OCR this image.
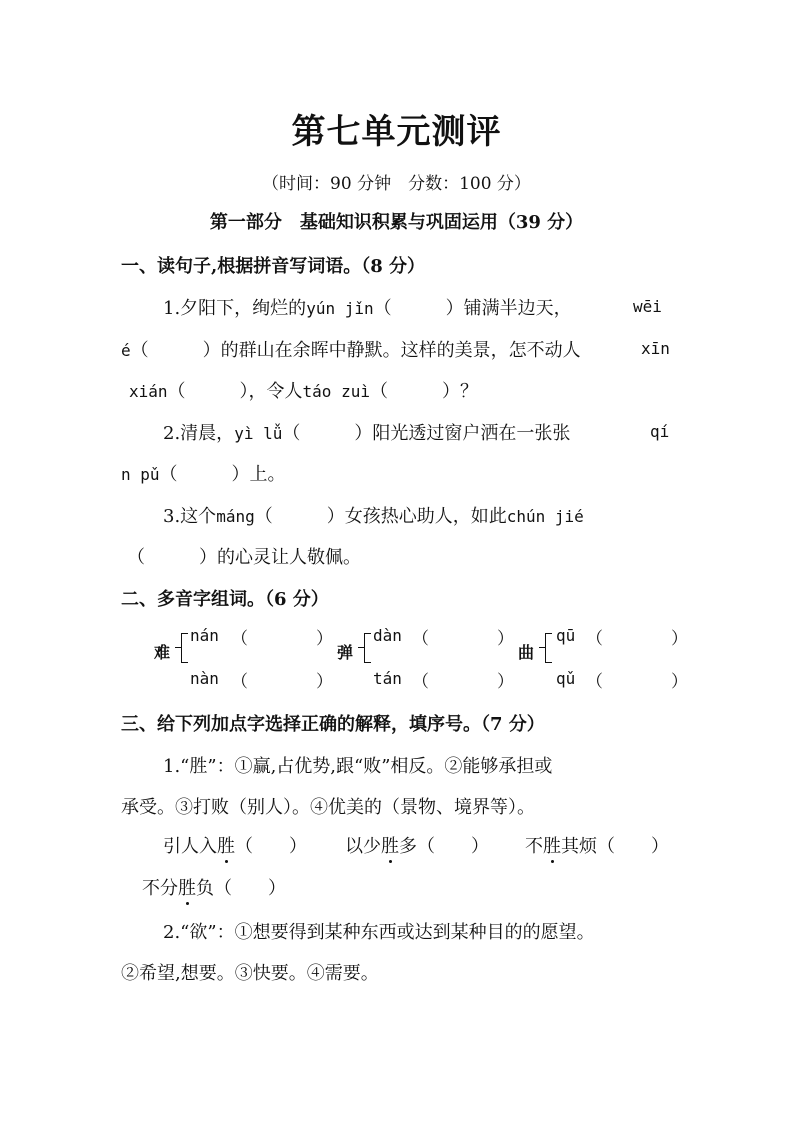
第七单元测评
（时间：90 分钟　分数：100 分）
第一部分　基础知识积累与巩固运用（39 分）
一、读句子,根据拼音写词语。（8 分）
1.夕阳下，绚烂的yún jǐn（　　　）铺满半边天，	wēi
é（　　　）的群山在余晖中静默。这样的美景，怎不动人	xīn
xián（　　　），令人táo zuì（　　　）？
2.清晨，yì lǚ（　　　）阳光透过窗户洒在一张张	qí
n pǔ（　　　）上。
3.这个máng（　　　）女孩热心助人，如此chún jié
（　　　）的心灵让人敬佩。
二、多音字组词。（6 分）
难
nán （　　　　）
nàn （　　　　）
弹
dàn （　　　　）
tán （　　　　）
曲
qū （　　　　）
qǔ （　　　　）
三、给下列加点字选择正确的解释，填序号。（7 分）
1.“胜”：①赢,占优势,跟“败”相反。②能够承担或
承受。③打败（别人）。④优美的（景物、境界等）。
引人入胜（　　） 以少胜多（　　） 不胜其烦（　　）
不分胜负（　　）
2.“欲”：①想要得到某种东西或达到某种目的的愿望。
②希望,想要。③快要。④需要。
